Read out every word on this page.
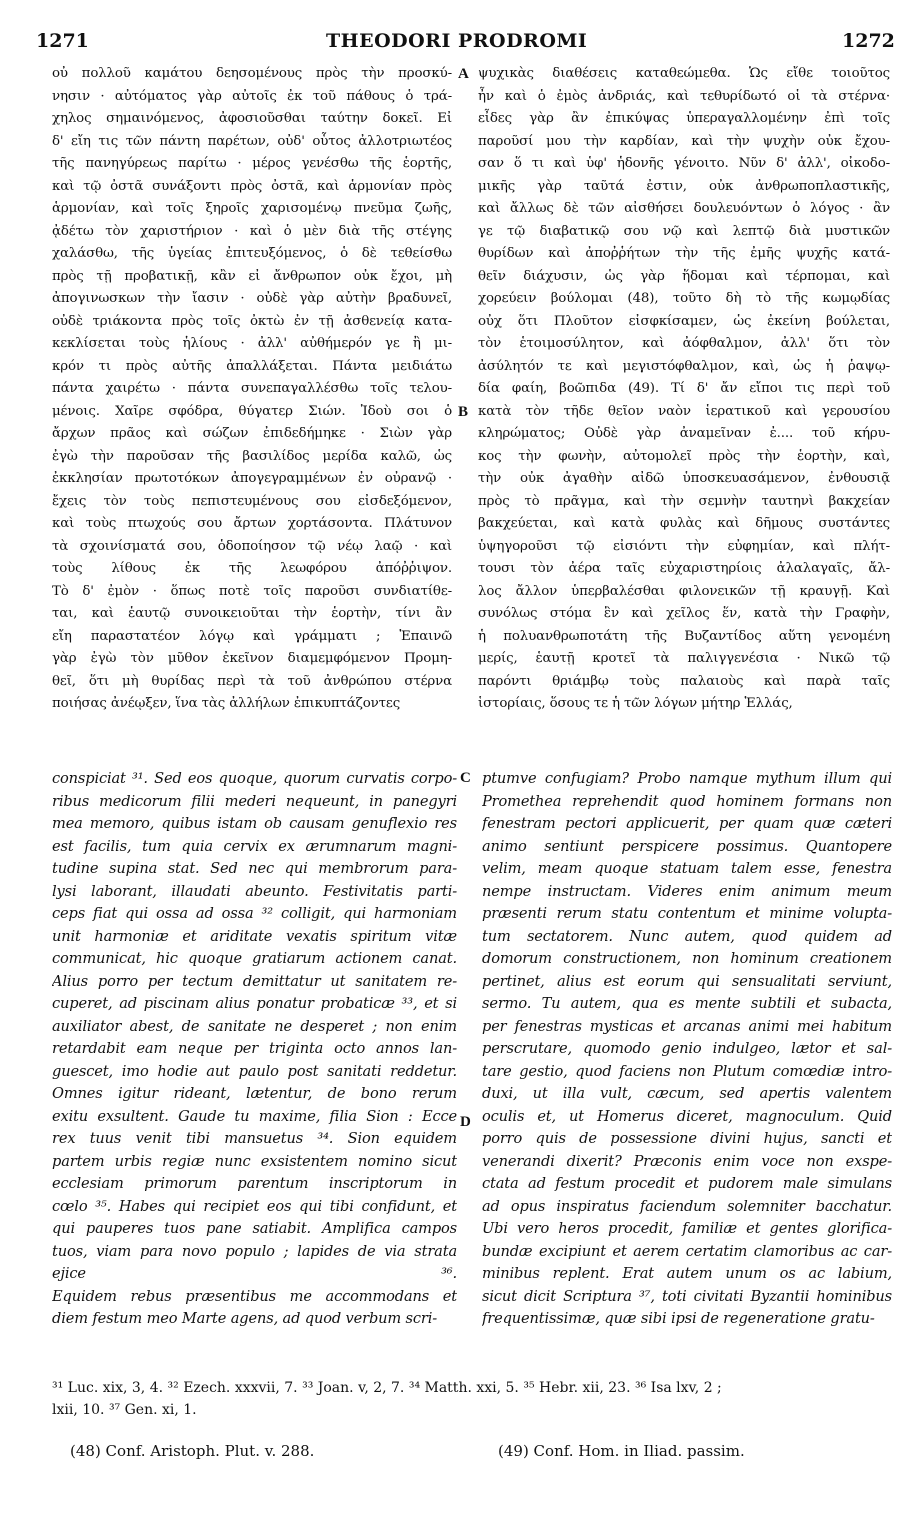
1271	THEODORI PRODROMI	1272
οὐ πολλοῦ καμάτου δεησομένους πρὸς τὴν προσκύ-
νησιν · αὐτόματος γὰρ αὐτοῖς ἐκ τοῦ πάθους ὁ τρά-
χηλος σημαινόμενος, ἀφοσιοῦσθαι ταύτην δοκεῖ. Εἰ
δ' εἴη τις τῶν πάντη παρέτων, οὐδ' οὗτος ἀλλοτριωτέος
τῆς πανηγύρεως παρίτω · μέρος γενέσθω τῆς ἑορτῆς,
καὶ τῷ ὀστᾶ συνάξοντι πρὸς ὀστᾶ, καὶ ἁρμονίαν πρὸς
ἁρμονίαν, καὶ τοῖς ξηροῖς χαρισομένῳ πνεῦμα ζωῆς,
ᾀδέτω τὸν χαριστήριον · καὶ ὁ μὲν διὰ τῆς στέγης
χαλάσθω, τῆς ὑγείας ἐπιτευξόμενος, ὁ δὲ τεθείσθω
πρὸς τῇ προβατικῇ, κἂν εἰ ἄνθρωπον οὐκ ἔχοι, μὴ
ἀπογινωσκων τὴν ἴασιν · οὐδὲ γὰρ αὐτὴν βραδυνεῖ,
οὐδὲ τριάκοντα πρὸς τοῖς ὀκτὼ ἐν τῇ ἀσθενείᾳ κατα-
κεκλίσεται τοὺς ἡλίους · ἀλλ' αὐθήμερόν γε ἢ μι-
κρόν τι πρὸς αὐτῆς ἀπαλλάξεται. Πάντα μειδιάτω
πάντα χαιρέτω · πάντα συνεπαγαλλέσθω τοῖς τελου-
μένοις. Χαῖρε σφόδρα, θύγατερ Σιών. Ἰδοὺ σοι ὁ
ἄρχων πρᾶος καὶ σώζων ἐπιδεδήμηκε · Σιὼν γὰρ
ἐγὼ τὴν παροῦσαν τῆς βασιλίδος μερίδα καλῶ, ὡς
ἐκκλησίαν πρωτοτόκων ἀπογεγραμμένων ἐν οὐρανῷ ·
ἔχεις τὸν τοὺς πεπιστευμένους σου εἰσδεξόμενον,
καὶ τοὺς πτωχούς σου ἄρτων χορτάσοντα. Πλάτυνον
τὰ σχοινίσματά σου, ὁδοποίησον τῷ νέῳ λαῷ · καὶ
τοὺς λίθους ἐκ τῆς λεωφόρου ἀπόῤῥιψον.
Τὸ δ' ἐμὸν · ὅπως ποτὲ τοῖς παροῦσι συνδιατίθε-
ται, καὶ ἑαυτῷ συνοικειοῦται τὴν ἑορτὴν, τίνι ἂν
εἴη παραστατέον λόγῳ καὶ γράμματι ; Ἐπαινῶ
γὰρ ἐγὼ τὸν μῦθον ἐκεῖνον διαμεμφόμενον Προμη-
θεῖ, ὅτι μὴ θυρίδας περὶ τὰ τοῦ ἀνθρώπου στέρνα
ποιήσας ἀνέῳξεν, ἵνα τὰς ἀλλήλων ἐπικυπτάζοντες
ψυχικὰς διαθέσεις καταθεώμεθα. Ὡς εἴθε τοιοῦτος
ἦν καὶ ὁ ἐμὸς ἀνδριάς, καὶ τεθυρίδωτό οἱ τὰ στέρνα·
εἶδες γὰρ ἂν ἐπικύψας ὑπεραγαλλομένην ἐπὶ τοῖς
παροῦσί μου τὴν καρδίαν, καὶ τὴν ψυχὴν οὐκ ἔχου-
σαν ὅ τι καὶ ὑφ' ἡδονῆς γένοιτο. Νῦν δ' ἀλλ', οἰκοδο-
μικῆς γὰρ ταῦτά ἐστιν, οὐκ ἀνθρωποπλαστικῆς,
καὶ ἄλλως δὲ τῶν αἰσθήσει δουλευόντων ὁ λόγος · ἂν
γε τῷ διαβατικῷ σου νῷ καὶ λεπτῷ διὰ μυστικῶν
θυρίδων καὶ ἀποῤῥήτων τὴν τῆς ἐμῆς ψυχῆς κατά-
θεῖν διάχυσιν, ὡς γὰρ ἥδομαι καὶ τέρπομαι, καὶ
χορεύειν βούλομαι (48), τοῦτο δὴ τὸ τῆς κωμῳδίας
οὐχ ὅτι Πλοῦτον εἰσφκίσαμεν, ὡς ἐκείνη βούλεται,
τὸν ἑτοιμοσύλητον, καὶ ἀόφθαλμον, ἀλλ' ὅτι τὸν
ἀσύλητόν τε καὶ μεγιστόφθαλμον, καὶ, ὡς ἡ ῥαψῳ-
δία φαίη, βοῶπιδα (49). Τί δ' ἄν εἴποι τις περὶ τοῦ
κατὰ τὸν τῆδε θεῖον ναὸν ἱερατικοῦ καὶ γερουσίου
κληρώματος; Οὐδὲ γὰρ ἀναμεῖναν ἐ.... τοῦ κήρυ-
κος τὴν φωνὴν, αὐτομολεῖ πρὸς τὴν ἑορτὴν, καὶ,
τὴν οὐκ ἀγαθὴν αἰδῶ ὑποσκευασάμενον, ἐνθουσιᾷ
πρὸς τὸ πρᾶγμα, καὶ τὴν σεμνὴν ταυτηνὶ βακχείαν
βακχεύεται, καὶ κατὰ φυλὰς καὶ δῆμους συστάντες
ὑψηγοροῦσι τῷ εἰσιόντι τὴν εὐφημίαν, καὶ πλήτ-
τουσι τὸν ἀέρα ταῖς εὐχαριστηρίοις ἀλαλαγαῖς, ἄλ-
λος ἄλλον ὑπερβαλέσθαι φιλονεικῶν τῇ κραυγῇ. Καὶ
συνόλως στόμα ἓν καὶ χεῖλος ἕν, κατὰ τὴν Γραφὴν,
ἡ πολυανθρωποτάτη τῆς Βυζαντίδος αὕτη γενομένη
μερίς, ἑαυτῇ κροτεῖ τὰ παλιγγενέσια · Νικῶ τῷ
παρόντι θριάμβῳ τοὺς παλαιοὺς καὶ παρὰ ταῖς
ἱστορίαις, ὅσους τε ἡ τῶν λόγων μήτηρ Ἑλλάς,
A
B
C
D
conspiciat ³¹. Sed eos quoque, quorum curvatis corpo-
ribus medicorum filii mederi nequeunt, in panegyri
mea memoro, quibus istam ob causam genuflexio res
est facilis, tum quia cervix ex ærumnarum magni-
tudine supina stat. Sed nec qui membrorum para-
lysi laborant, illaudati abeunto. Festivitatis parti-
ceps fiat qui ossa ad ossa ³² colligit, qui harmoniam
unit harmoniæ et ariditate vexatis spiritum vitæ
communicat, hic quoque gratiarum actionem canat.
Alius porro per tectum demittatur ut sanitatem re-
cuperet, ad piscinam alius ponatur probaticæ ³³, et si
auxiliator abest, de sanitate ne desperet ; non enim
retardabit eam neque per triginta octo annos lan-
guescet, imo hodie aut paulo post sanitati reddetur.
Omnes igitur rideant, lætentur, de bono rerum
exitu exsultent. Gaude tu maxime, filia Sion : Ecce
rex tuus venit tibi mansuetus ³⁴. Sion equidem
partem urbis regiæ nunc exsistentem nomino sicut
ecclesiam primorum parentum inscriptorum in
cœlo ³⁵. Habes qui recipiet eos qui tibi confidunt, et
qui pauperes tuos pane satiabit. Amplifica campos
tuos, viam para novo populo ; lapides de via strata
ejice ³⁶.
Equidem rebus præsentibus me accommodans et
diem festum meo Marte agens, ad quod verbum scri-
ptumve confugiam? Probo namque mythum illum qui
Promethea reprehendit quod hominem formans non
fenestram pectori applicuerit, per quam quæ cæteri
animo sentiunt perspicere possimus. Quantopere
velim, meam quoque statuam talem esse, fenestra
nempe instructam. Videres enim animum meum
præsenti rerum statu contentum et minime volupta-
tum sectatorem. Nunc autem, quod quidem ad
domorum constructionem, non hominum creationem
pertinet, alius est eorum qui sensualitati serviunt,
sermo. Tu autem, qua es mente subtili et subacta,
per fenestras mysticas et arcanas animi mei habitum
perscrutare, quomodo genio indulgeo, lætor et sal-
tare gestio, quod faciens non Plutum comœdiæ intro-
duxi, ut illa vult, cæcum, sed apertis valentem
oculis et, ut Homerus diceret, magnoculum. Quid
porro quis de possessione divini hujus, sancti et
venerandi dixerit? Præconis enim voce non exspe-
ctata ad festum procedit et pudorem male simulans
ad opus inspiratus faciendum solemniter bacchatur.
Ubi vero heros procedit, familiæ et gentes glorifica-
bundæ excipiunt et aerem certatim clamoribus ac car-
minibus replent. Erat autem unum os ac labium,
sicut dicit Scriptura ³⁷, toti civitati Byzantii hominibus
frequentissimæ, quæ sibi ipsi de regeneratione gratu-
³¹ Luc. xix, 3, 4. ³² Ezech. xxxvii, 7. ³³ Joan. v, 2, 7. ³⁴ Matth. xxi, 5. ³⁵ Hebr. xii, 23. ³⁶ Isa lxv, 2 ;
lxii, 10. ³⁷ Gen. xi, 1.
(48) Conf. Aristoph. Plut. v. 288.	(49) Conf. Hom. in Iliad. passim.
